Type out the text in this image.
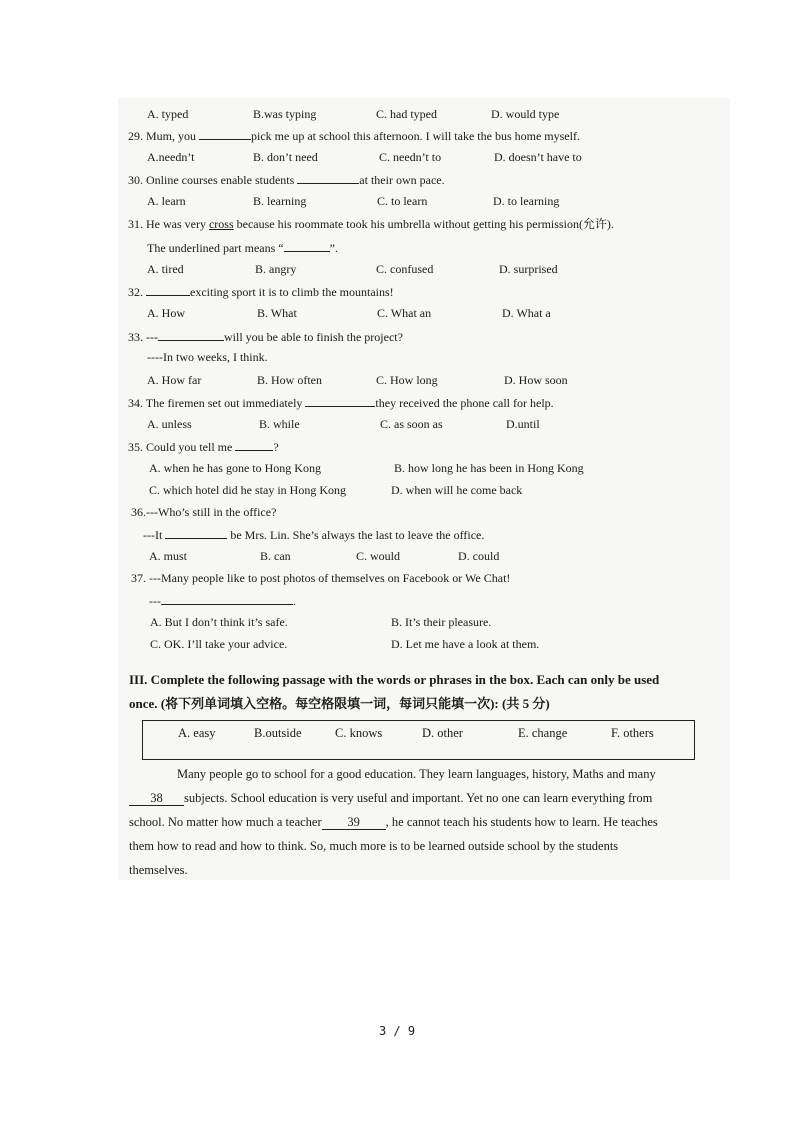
A. typed	B.was typing	C. had typed	D. would type
29. Mum, you	pick me up at school this afternoon. I will take the bus home myself.
A.needn’t	B. don’t need	C. needn’t to	D. doesn’t have to
30. Online courses enable students	at their own pace.
A. learn	B. learning	C. to learn	D. to learning
31. He was very cross because his roommate took his umbrella without getting his permission(允许).
The underlined part means “	”.
A. tired	B. angry	C. confused	D. surprised
32.	exciting sport it is to climb the mountains!
A. How	B. What	C. What an	D. What a
33. ---	will you be able to finish the project?
----In two weeks, I think.
A. How far	B. How often	C. How long	D. How soon
34. The firemen set out immediately	they received the phone call for help.
A. unless	B. while	C. as soon as	D.until
35. Could you tell me	?
A. when he has gone to Hong Kong	B. how long he has been in Hong Kong
C. which hotel did he stay in Hong Kong	D. when will he come back
36.---Who’s still in the office?
---It	be Mrs. Lin. She’s always the last to leave the office.
A. must	B. can	C. would	D. could
37. ---Many people like to post photos of themselves on Facebook or We Chat!
---	.
A. But I don’t think it’s safe.	B. It’s their pleasure.
C. OK. I’ll take your advice.	D. Let me have a look at them.
III. Complete the following passage with the words or phrases in the box. Each can only be used
once. (将下列单词填入空格。每空格限填一词，每词只能填一次): (共 5 分)
A. easy	B.outside	C. knows	D. other	E. change	F. others
Many people go to school for a good education. They learn languages, history, Maths and many
38 subjects. School education is very useful and important. Yet no one can learn everything from
school. No matter how much a teacher 39 , he cannot teach his students how to learn. He teaches
them how to read and how to think. So, much more is to be learned outside school by the students
themselves.
3 / 9
